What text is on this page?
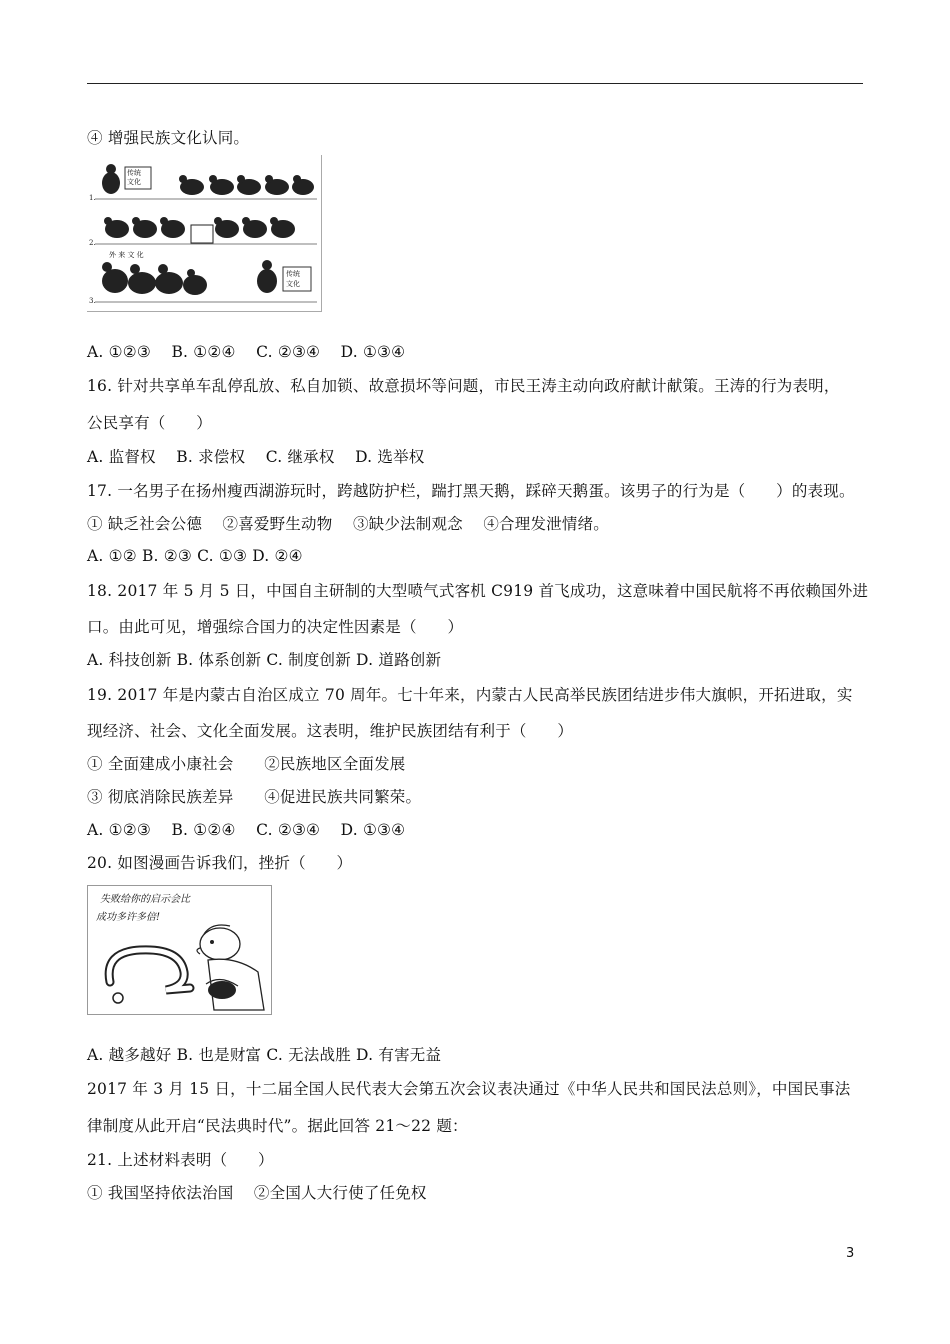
④ 增强民族文化认同。
1.
传统
文化
2.
3.
外 来 文 化
传统
文化
A. ①②③    B. ①②④    C. ②③④    D. ①③④
16. 针对共享单车乱停乱放、私自加锁、故意损坏等问题，市民王涛主动向政府献计献策。王涛的行为表明，
公民享有（      ）
A. 监督权    B. 求偿权    C. 继承权    D. 选举权
17. 一名男子在扬州瘦西湖游玩时，跨越防护栏，踹打黑天鹅，踩碎天鹅蛋。该男子的行为是（      ）的表现。
① 缺乏社会公德    ②喜爱野生动物    ③缺少法制观念    ④合理发泄情绪。
A. ①② B. ②③ C. ①③ D. ②④
18. 2017 年 5 月 5 日，中国自主研制的大型喷气式客机 C919 首飞成功，这意味着中国民航将不再依赖国外进
口。由此可见，增强综合国力的决定性因素是（      ）
A. 科技创新 B. 体系创新 C. 制度创新 D. 道路创新
19. 2017 年是内蒙古自治区成立 70 周年。七十年来，内蒙古人民高举民族团结进步伟大旗帜，开拓进取，实
现经济、社会、文化全面发展。这表明，维护民族团结有利于（      ）
① 全面建成小康社会      ②民族地区全面发展
③ 彻底消除民族差异      ④促进民族共同繁荣。
A. ①②③    B. ①②④    C. ②③④    D. ①③④
20. 如图漫画告诉我们，挫折（      ）
失败给你的启示会比
成功多许多倍!
A. 越多越好 B. 也是财富 C. 无法战胜 D. 有害无益
2017 年 3 月 15 日，十二届全国人民代表大会第五次会议表决通过《中华人民共和国民法总则》，中国民事法
律制度从此开启“民法典时代”。据此回答 21～22 题：
21. 上述材料表明（      ）
① 我国坚持依法治国    ②全国人大行使了任免权
3
